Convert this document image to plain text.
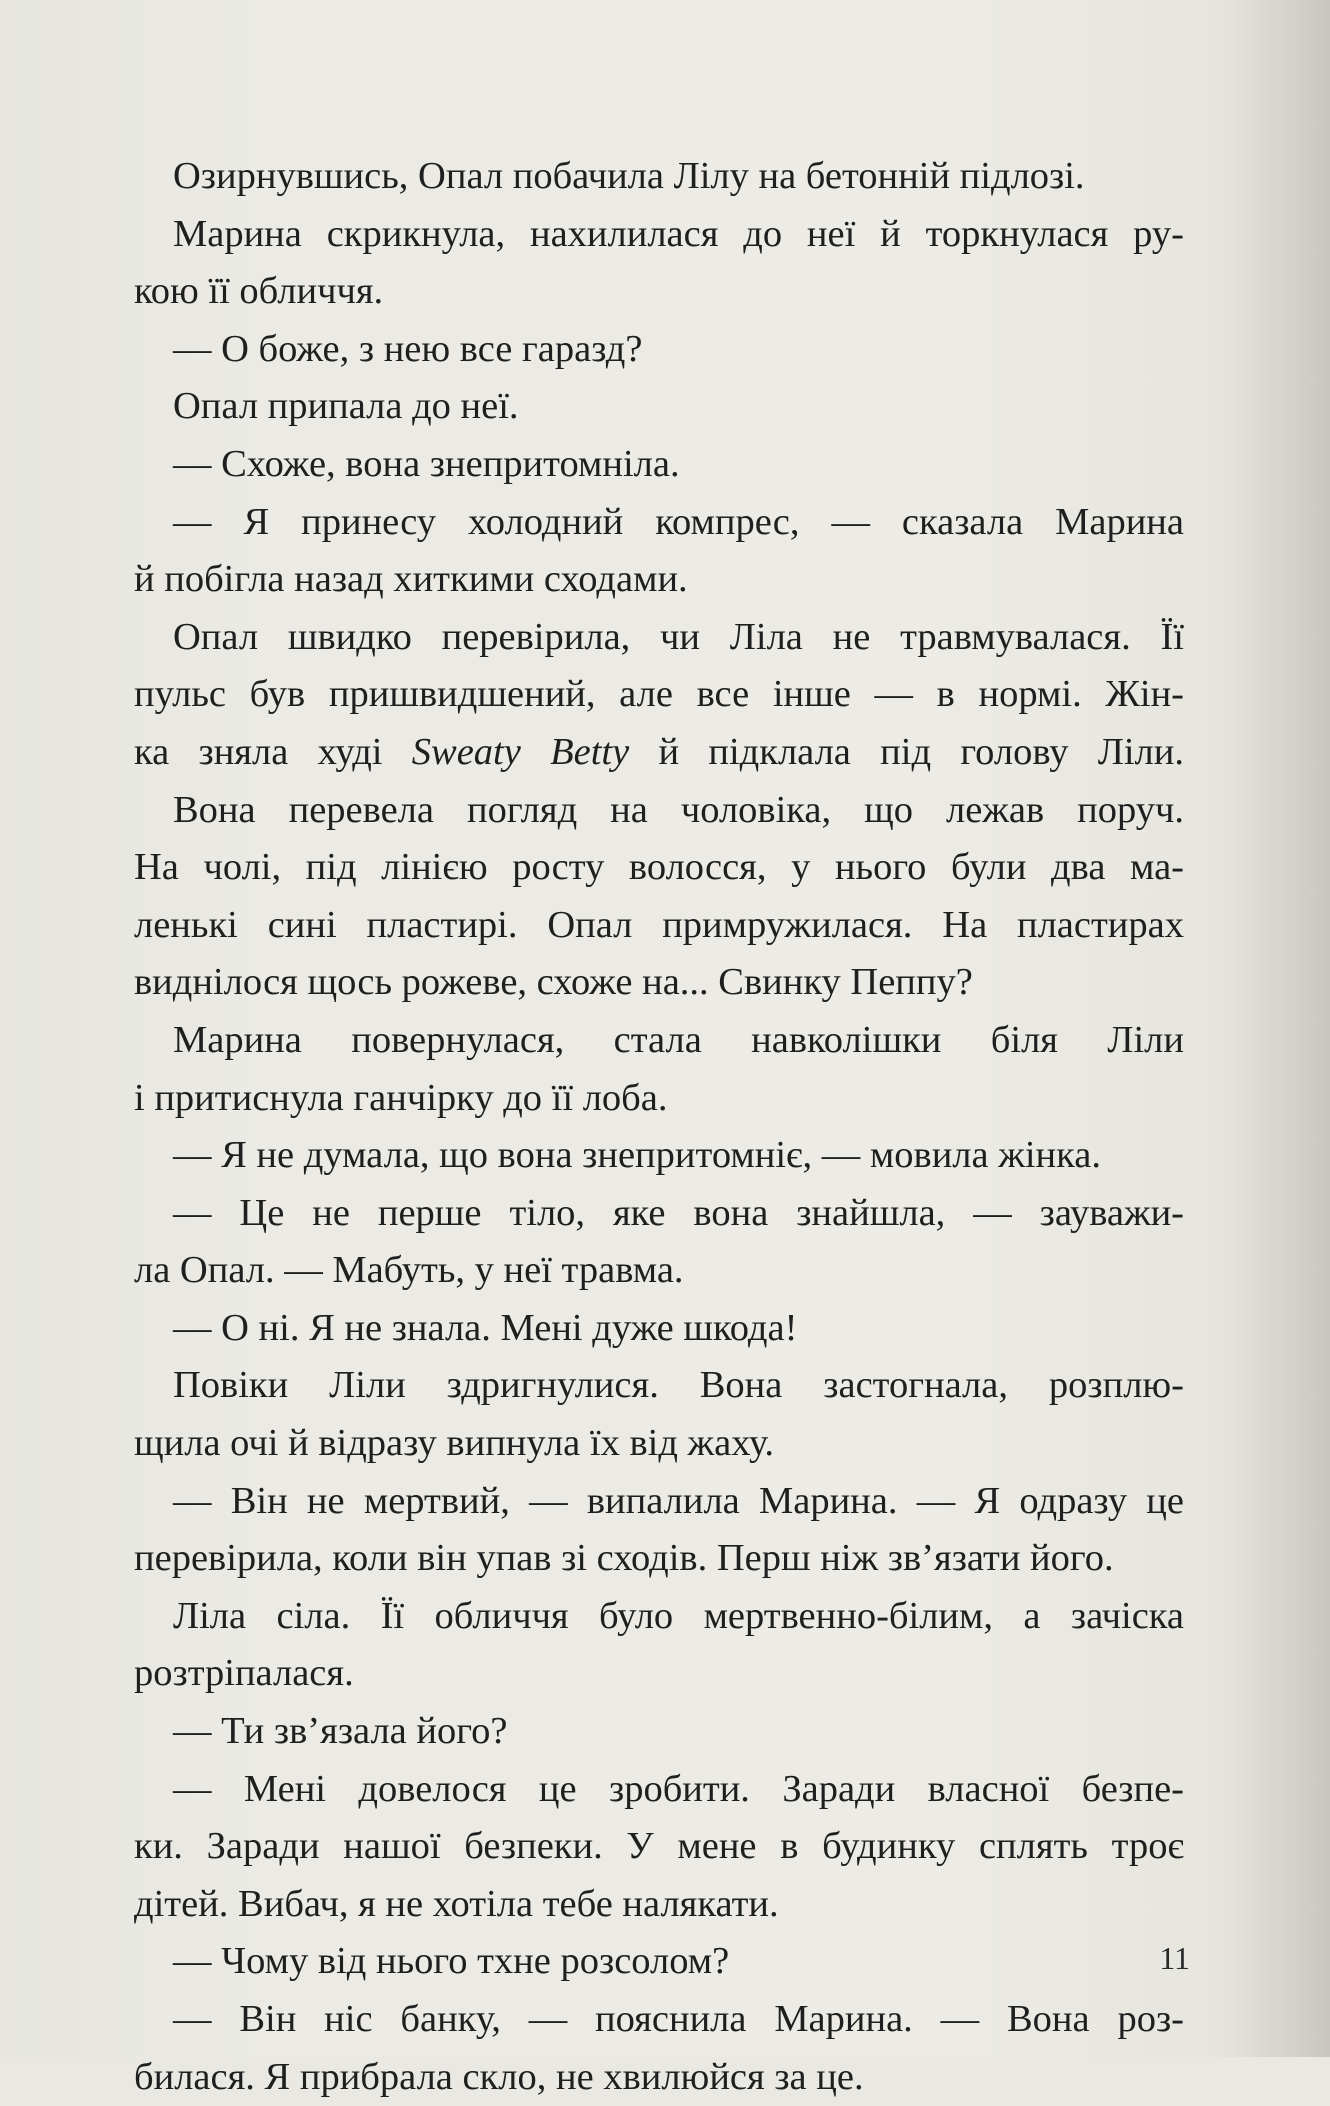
Озирнувшись, Опал побачила Лілу на бетонній підлозі.
Марина скрикнула, нахилилася до неї й торкнулася ру-
кою її обличчя.
— О боже, з нею все гаразд?
Опал припала до неї.
— Схоже, вона знепритомніла.
— Я принесу холодний компрес, — сказала Марина
й побігла назад хиткими сходами.
Опал швидко перевірила, чи Ліла не травмувалася. Її
пульс був пришвидшений, але все інше — в нормі. Жін-
ка зняла худі Sweaty Betty й підклала під голову Ліли.
Вона перевела погляд на чоловіка, що лежав поруч.
На чолі, під лінією росту волосся, у нього були два ма-
ленькі сині пластирі. Опал примружилася. На пластирах
виднілося щось рожеве, схоже на... Свинку Пеппу?
Марина повернулася, стала навколішки біля Ліли
і притиснула ганчірку до її лоба.
— Я не думала, що вона знепритомніє, — мовила жінка.
— Це не перше тіло, яке вона знайшла, — зауважи-
ла Опал. — Мабуть, у неї травма.
— О ні. Я не знала. Мені дуже шкода!
Повіки Ліли здригнулися. Вона застогнала, розплю-
щила очі й відразу випнула їх від жаху.
— Він не мертвий, — випалила Марина. — Я одразу це
перевірила, коли він упав зі сходів. Перш ніж зв’язати його.
Ліла сіла. Її обличчя було мертвенно-білим, а зачіска
розтріпалася.
— Ти зв’язала його?
— Мені довелося це зробити. Заради власної безпе-
ки. Заради нашої безпеки. У мене в будинку сплять троє
дітей. Вибач, я не хотіла тебе налякати.
— Чому від нього тхне розсолом?
— Він ніс банку, — пояснила Марина. — Вона роз-
билася. Я прибрала скло, не хвилюйся за це.
11
